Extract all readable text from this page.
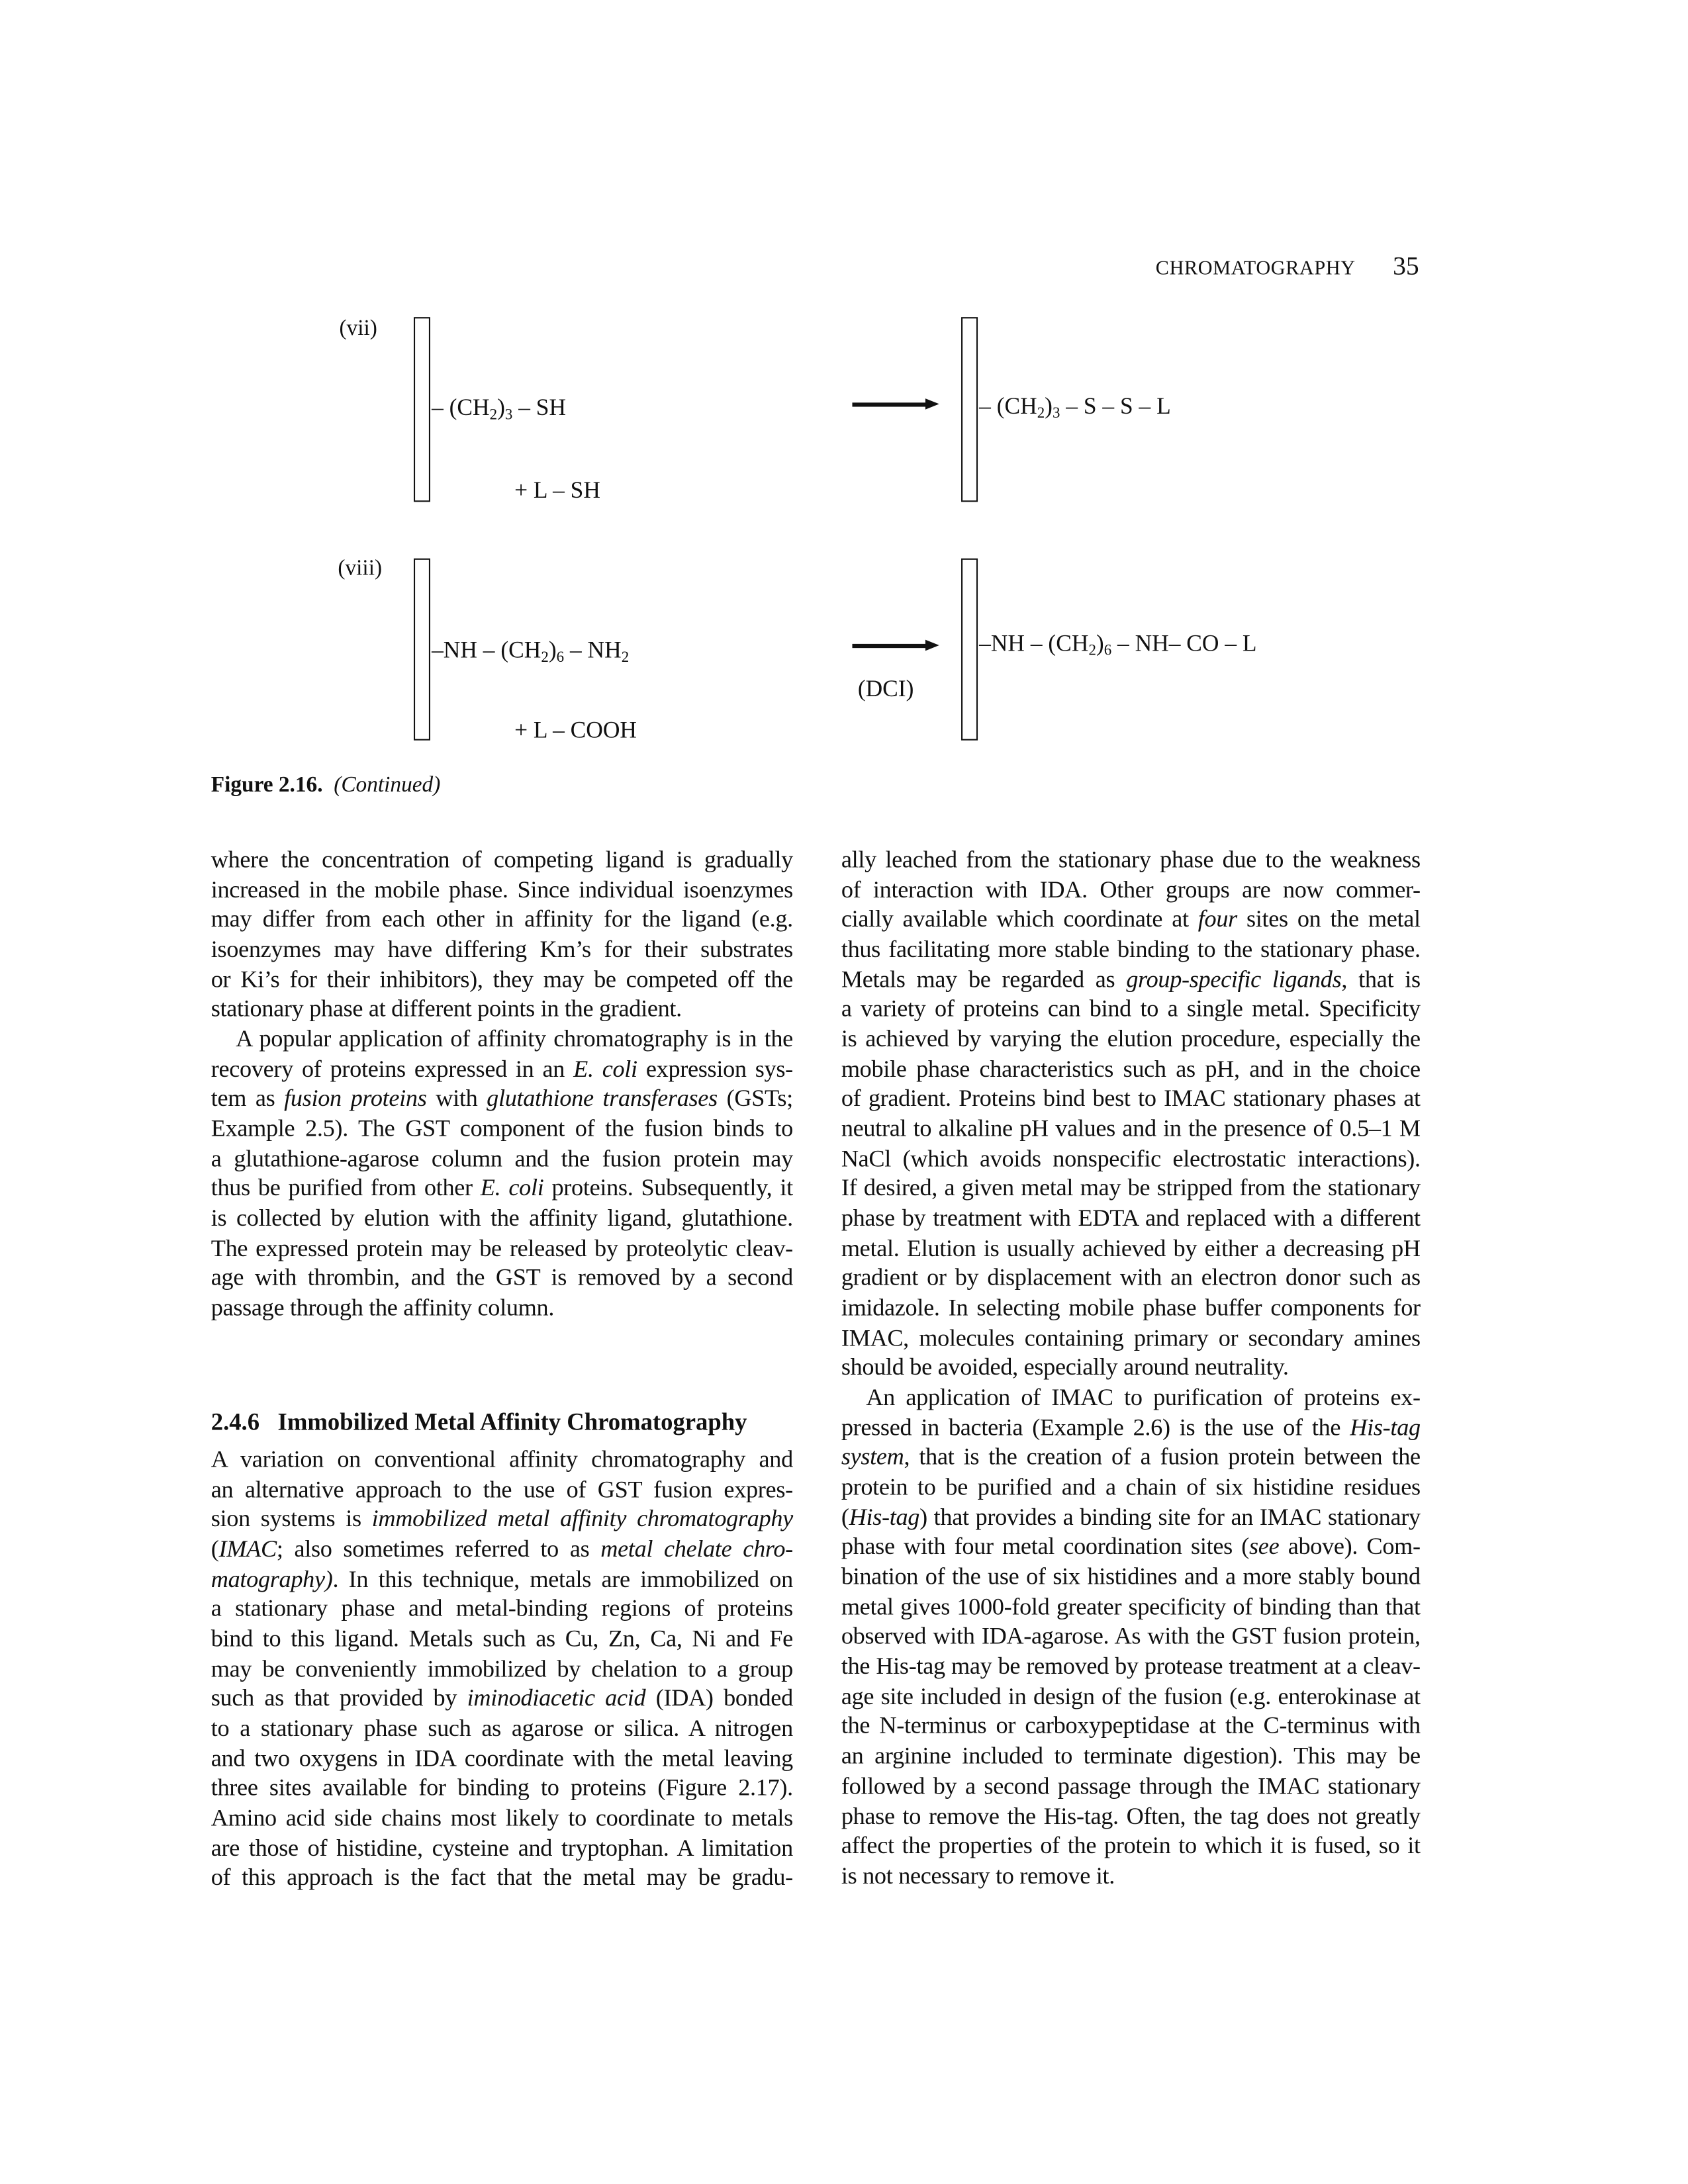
CHROMATOGRAPHY	35
(vii)
– $(CH_2)_3$ – SH
+ L – SH
– $(CH_2)_3$ – S – S – L
(viii)
$-NH - (CH_2)_6 - NH_2$
+ L – COOH
(DCI)
$-NH - (CH_2)_6 - NH-$ CO – L
Figure 2.16. (Continued)
where the concentration of competing ligand is gradually
increased in the mobile phase. Since individual isoenzymes
may differ from each other in affinity for the ligand (e.g.
isoenzymes may have differing Km’s for their substrates
or Ki’s for their inhibitors), they may be competed off the
stationary phase at different points in the gradient.
A popular application of affinity chromatography is in the
recovery of proteins expressed in an E. coli expression sys-
tem as fusion proteins with glutathione transferases (GSTs;
Example 2.5). The GST component of the fusion binds to
a glutathione-agarose column and the fusion protein may
thus be purified from other E. coli proteins. Subsequently, it
is collected by elution with the affinity ligand, glutathione.
The expressed protein may be released by proteolytic cleav-
age with thrombin, and the GST is removed by a second
passage through the affinity column.
2.4.6 Immobilized Metal Affinity Chromatography
A variation on conventional affinity chromatography and
an alternative approach to the use of GST fusion expres-
sion systems is immobilized metal affinity chromatography
(IMAC; also sometimes referred to as metal chelate chro-
matography). In this technique, metals are immobilized on
a stationary phase and metal-binding regions of proteins
bind to this ligand. Metals such as Cu, Zn, Ca, Ni and Fe
may be conveniently immobilized by chelation to a group
such as that provided by iminodiacetic acid (IDA) bonded
to a stationary phase such as agarose or silica. A nitrogen
and two oxygens in IDA coordinate with the metal leaving
three sites available for binding to proteins (Figure 2.17).
Amino acid side chains most likely to coordinate to metals
are those of histidine, cysteine and tryptophan. A limitation
of this approach is the fact that the metal may be gradu-
ally leached from the stationary phase due to the weakness
of interaction with IDA. Other groups are now commer-
cially available which coordinate at four sites on the metal
thus facilitating more stable binding to the stationary phase.
Metals may be regarded as group-specific ligands, that is
a variety of proteins can bind to a single metal. Specificity
is achieved by varying the elution procedure, especially the
mobile phase characteristics such as pH, and in the choice
of gradient. Proteins bind best to IMAC stationary phases at
neutral to alkaline pH values and in the presence of 0.5–1 M
NaCl (which avoids nonspecific electrostatic interactions).
If desired, a given metal may be stripped from the stationary
phase by treatment with EDTA and replaced with a different
metal. Elution is usually achieved by either a decreasing pH
gradient or by displacement with an electron donor such as
imidazole. In selecting mobile phase buffer components for
IMAC, molecules containing primary or secondary amines
should be avoided, especially around neutrality.
An application of IMAC to purification of proteins ex-
pressed in bacteria (Example 2.6) is the use of the His-tag
system, that is the creation of a fusion protein between the
protein to be purified and a chain of six histidine residues
(His-tag) that provides a binding site for an IMAC stationary
phase with four metal coordination sites (see above). Com-
bination of the use of six histidines and a more stably bound
metal gives 1000-fold greater specificity of binding than that
observed with IDA-agarose. As with the GST fusion protein,
the His-tag may be removed by protease treatment at a cleav-
age site included in design of the fusion (e.g. enterokinase at
the N-terminus or carboxypeptidase at the C-terminus with
an arginine included to terminate digestion). This may be
followed by a second passage through the IMAC stationary
phase to remove the His-tag. Often, the tag does not greatly
affect the properties of the protein to which it is fused, so it
is not necessary to remove it.
